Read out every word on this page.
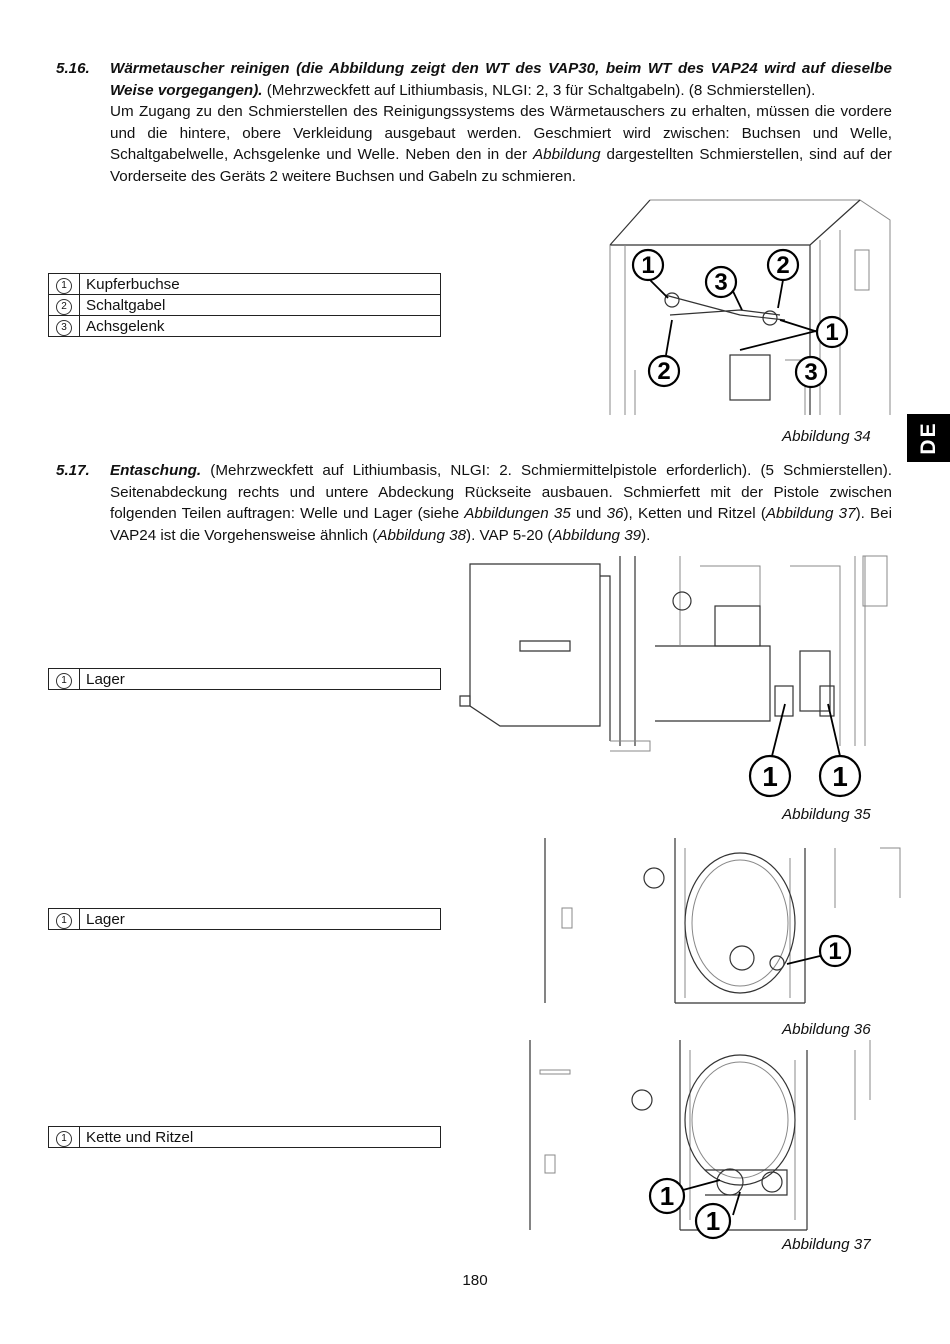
5.16. Wärmetauscher reinigen (die Abbildung zeigt den WT des VAP30, beim WT des VAP24 wird auf dieselbe Weise vorgegangen). (Mehrzweckfett auf Lithiumbasis, NLGI: 2, 3 für Schaltgabeln). (8 Schmierstellen).
Um Zugang zu den Schmierstellen des Reinigungssystems des Wärmetauschers zu erhalten, müssen die vordere und die hintere, obere Verkleidung ausgebaut werden. Geschmiert wird zwischen: Buchsen und Welle, Schaltgabelwelle, Achsgelenke und Welle. Neben den in der Abbildung dargestellten Schmierstellen, sind auf der Vorderseite des Geräts 2 weitere Buchsen und Gabeln zu schmieren.
1	Kupferbuchse
2	Schaltgabel
3	Achsgelenk
1
3
2
1
2	3
Abbildung 34 DE
5.17. Entaschung. (Mehrzweckfett auf Lithiumbasis, NLGI: 2. Schmiermittelpistole erforderlich). (5 Schmierstellen). Seitenabdeckung rechts und untere Abdeckung Rückseite ausbauen. Schmierfett mit der Pistole zwischen folgenden Teilen auftragen: Welle und Lager (siehe Abbildungen 35 und 36), Ketten und Ritzel (Abbildung 37). Bei VAP24 ist die Vorgehensweise ähnlich (Abbildung 38). VAP 5-20 (Abbildung 39).
1	Lager
1 1
Abbildung 35
1	Lager
1
Abbildung 36
1	Kette und Ritzel
1
1
Abbildung 37
180
